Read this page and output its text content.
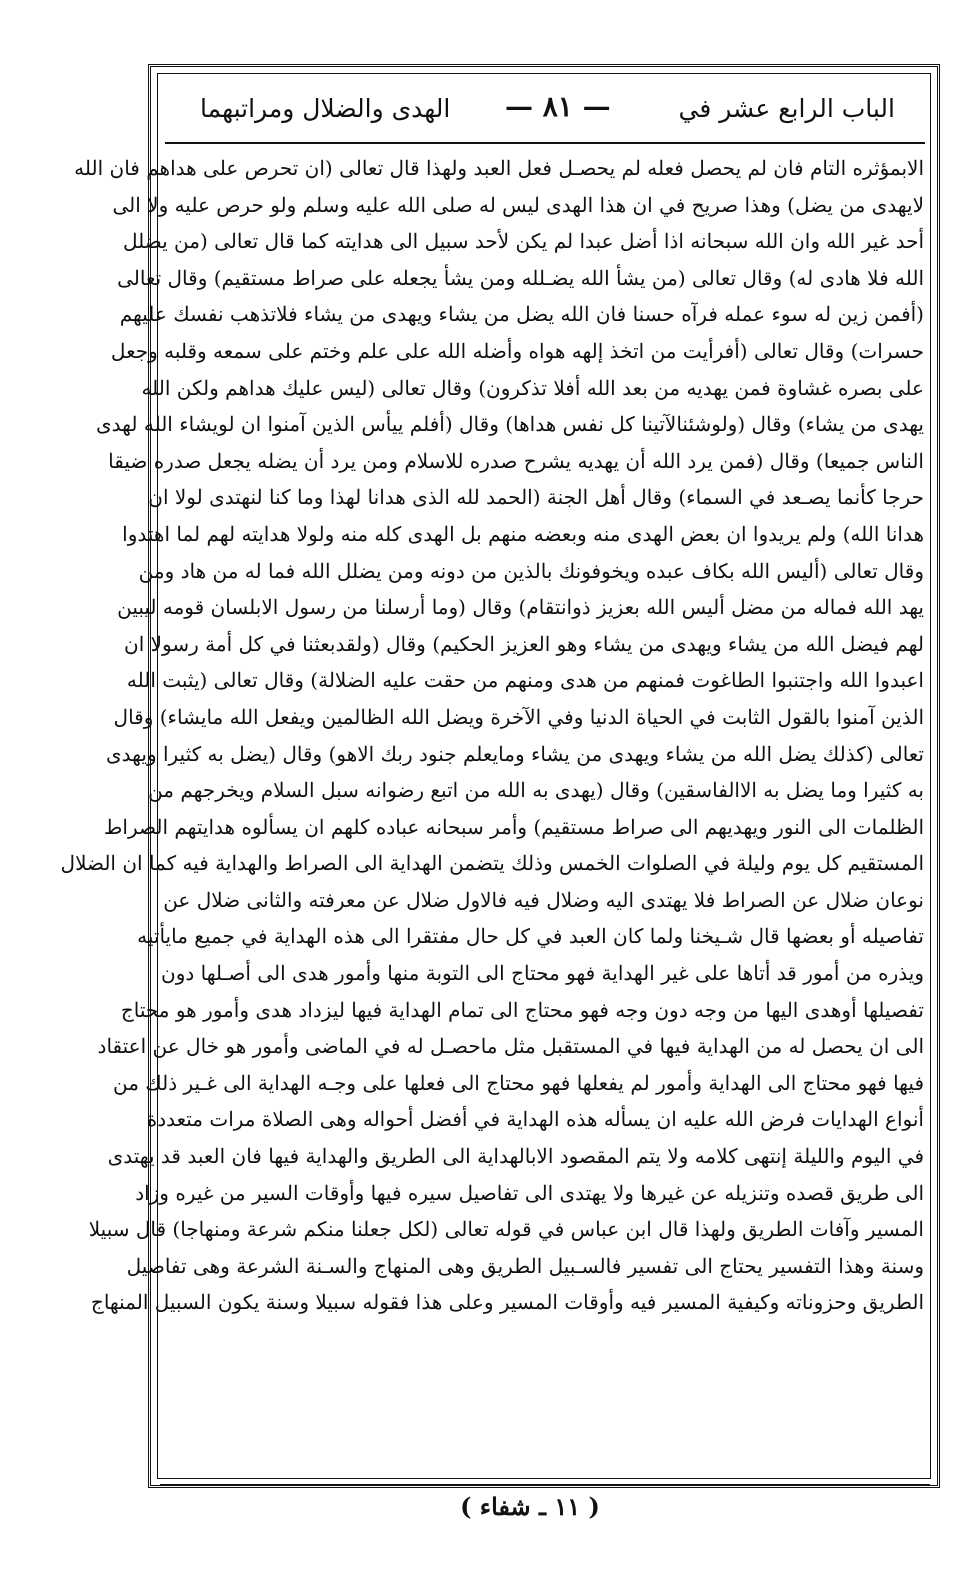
الباب الرابع عشر في
— ٨١ —
الهدى والضلال ومراتبهما
الابمؤثره التام فان لم يحصل فعله لم يحصـل فعل العبد ولهذا قال تعالى (ان تحرص على هداهم فان الله
لايهدى من يضل) وهذا صريح في ان هذا الهدى ليس له صلى الله عليه وسلم ولو حرص عليه ولا الى
أحد غير الله وان الله سبحانه اذا أضل عبدا لم يكن لأحد سبيل الى هدايته كما قال تعالى (من يضلل
الله فلا هادى له) وقال تعالى (من يشأ الله يضـلله ومن يشأ يجعله على صراط مستقيم) وقال تعالى
(أفمن زين له سوء عمله فرآه حسنا فان الله يضل من يشاء ويهدى من يشاء فلاتذهب نفسك عليهم
حسرات) وقال تعالى (أفرأيت من اتخذ إلهه هواه وأضله الله على علم وختم على سمعه وقلبه وجعل
على بصره غشاوة فمن يهديه من بعد الله أفلا تذكرون) وقال تعالى (ليس عليك هداهم ولكن الله
يهدى من يشاء) وقال (ولوشئنالآتينا كل نفس هداها) وقال (أفلم ييأس الذين آمنوا ان لويشاء الله لهدى
الناس جميعا) وقال (فمن يرد الله أن يهديه يشرح صدره للاسلام ومن يرد أن يضله يجعل صدره ضيقا
حرجا كأنما يصـعد في السماء) وقال أهل الجنة (الحمد لله الذى هدانا لهذا وما كنا لنهتدى لولا ان
هدانا الله) ولم يريدوا ان بعض الهدى منه وبعضه منهم بل الهدى كله منه ولولا هدايته لهم لما اهتدوا
وقال تعالى (أليس الله بكاف عبده ويخوفونك بالذين من دونه ومن يضلل الله فما له من هاد ومن
يهد الله فماله من مضل أليس الله بعزيز ذوانتقام) وقال (وما أرسلنا من رسول الابلسان قومه ليبين
لهم فيضل الله من يشاء ويهدى من يشاء وهو العزيز الحكيم) وقال (ولقدبعثنا في كل أمة رسولا ان
اعبدوا الله واجتنبوا الطاغوت فمنهم من هدى ومنهم من حقت عليه الضلالة) وقال تعالى (يثبت الله
الذين آمنوا بالقول الثابت في الحياة الدنيا وفي الآخرة ويضل الله الظالمين ويفعل الله مايشاء) وقال
تعالى (كذلك يضل الله من يشاء ويهدى من يشاء ومايعلم جنود ربك الاهو) وقال (يضل به كثيرا ويهدى
به كثيرا وما يضل به الاالفاسقين) وقال (يهدى به الله من اتبع رضوانه سبل السلام ويخرجهم من
الظلمات الى النور ويهديهم الى صراط مستقيم) وأمر سبحانه عباده كلهم ان يسألوه هدايتهم الصراط
المستقيم كل يوم وليلة في الصلوات الخمس وذلك يتضمن الهداية الى الصراط والهداية فيه كما ان الضلال
نوعان ضلال عن الصراط فلا يهتدى اليه وضلال فيه فالاول ضلال عن معرفته والثانى ضلال عن
تفاصيله أو بعضها قال شـيخنا ولما كان العبد في كل حال مفتقرا الى هذه الهداية في جميع مايأتيه
ويذره من أمور قد أتاها على غير الهداية فهو محتاج الى التوبة منها وأمور هدى الى أصـلها دون
تفصيلها أوهدى اليها من وجه دون وجه فهو محتاج الى تمام الهداية فيها ليزداد هدى وأمور هو محتاج
الى ان يحصل له من الهداية فيها في المستقبل مثل ماحصـل له في الماضى وأمور هو خال عن اعتقاد
فيها فهو محتاج الى الهداية وأمور لم يفعلها فهو محتاج الى فعلها على وجـه الهداية الى غـير ذلك من
أنواع الهدايات فرض الله عليه ان يسأله هذه الهداية في أفضل أحواله وهى الصلاة مرات متعددة
في اليوم والليلة إنتهى كلامه ولا يتم المقصود الابالهداية الى الطريق والهداية فيها فان العبد قد يهتدى
الى طريق قصده وتنزيله عن غيرها ولا يهتدى الى تفاصيل سيره فيها وأوقات السير من غيره وزاد
المسير وآفات الطريق ولهذا قال ابن عباس في قوله تعالى (لكل جعلنا منكم شرعة ومنهاجا) قال سبيلا
وسنة وهذا التفسير يحتاج الى تفسير فالسـبيل الطريق وهى المنهاج والسـنة الشرعة وهى تفاصيل
الطريق وحزوناته وكيفية المسير فيه وأوقات المسير وعلى هذا فقوله سبيلا وسنة يكون السبيل المنهاج
( ١١ ـ شفاء )
